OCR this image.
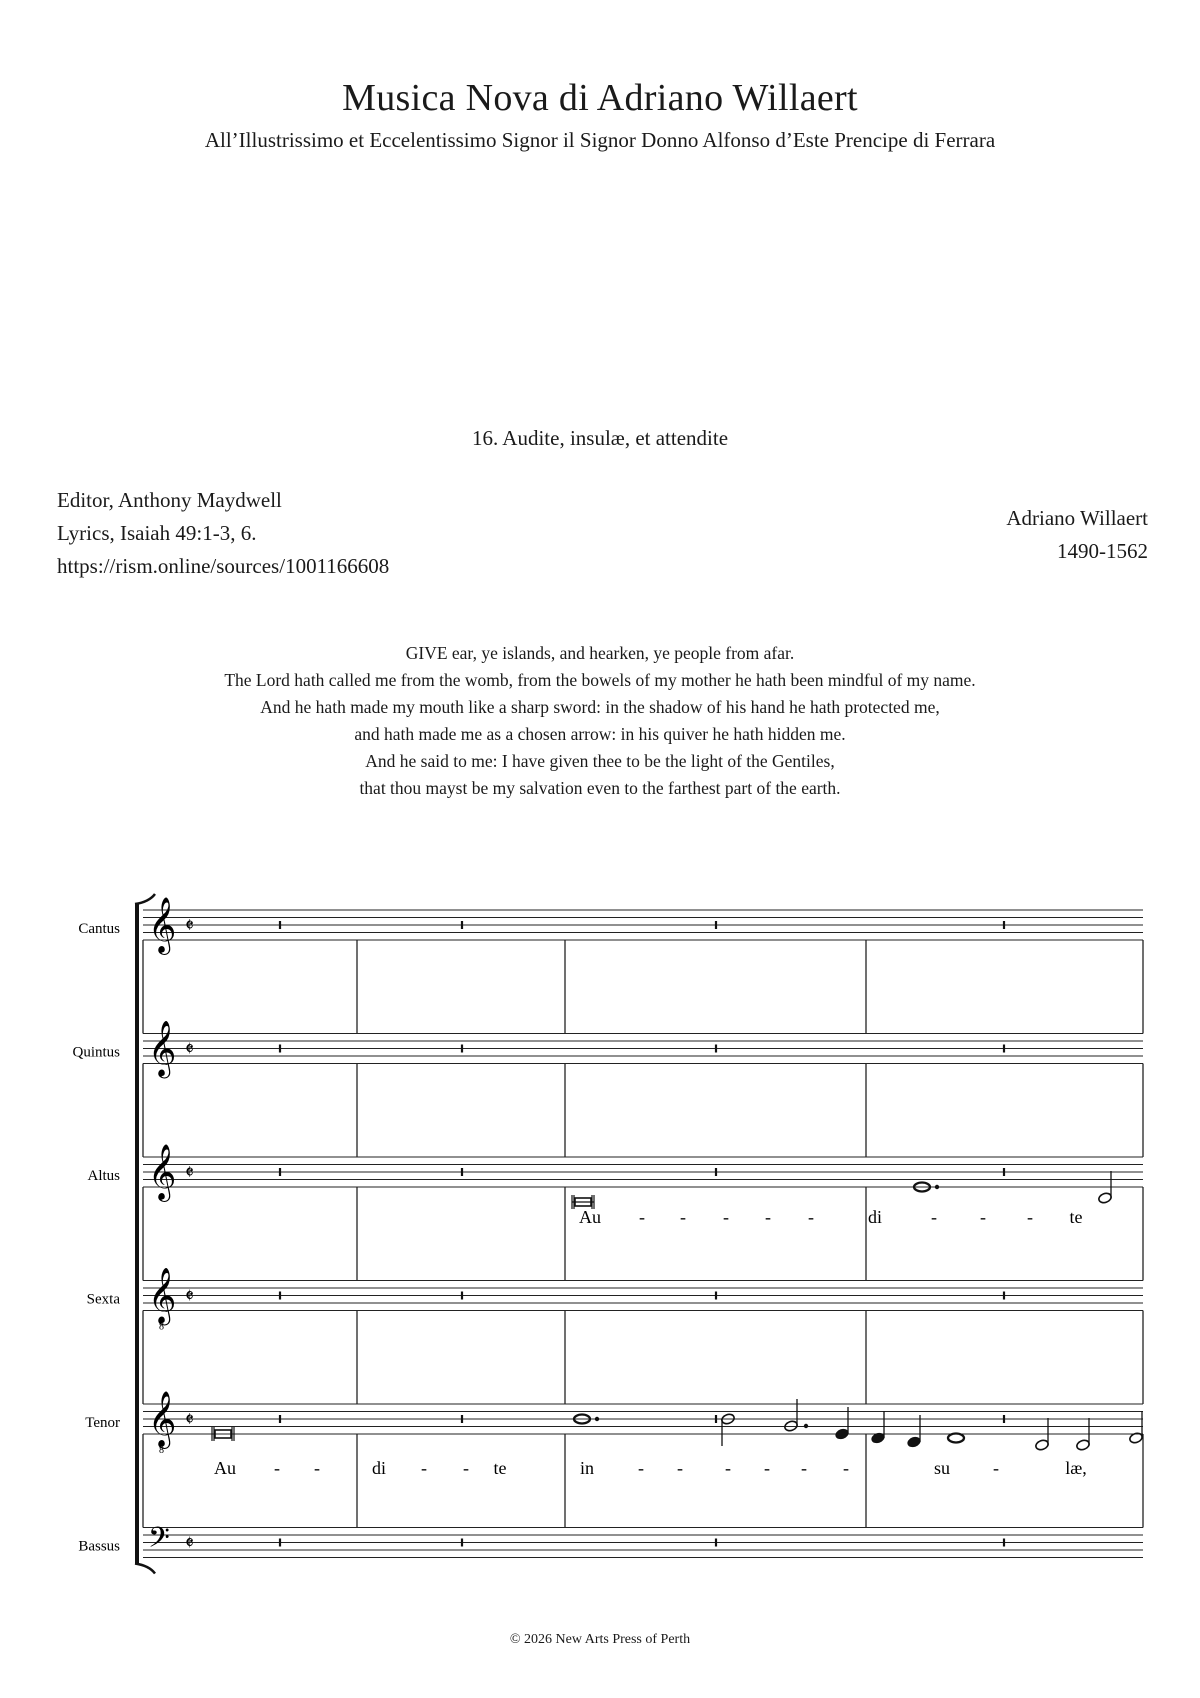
Musica Nova di Adriano Willaert
All’Illustrissimo et Eccelentissimo Signor il Signor Donno Alfonso d’Este Prencipe di Ferrara
16. Audite, insulæ, et attendite
Editor, Anthony Maydwell
Lyrics, Isaiah 49:1-3, 6.
https://rism.online/sources/1001166608
Adriano Willaert
1490-1562
GIVE ear, ye islands, and hearken, ye people from afar.
The Lord hath called me from the womb, from the bowels of my mother he hath been mindful of my name.
And he hath made my mouth like a sharp sword: in the shadow of his hand he hath protected me,
and hath made me as a chosen arrow: in his quiver he hath hidden me.
And he said to me: I have given thee to be the light of the Gentiles,
that thou mayst be my salvation even to the farthest part of the earth.
Cantus 𝄞 𝄵
Quintus 𝄞 𝄵
Altus 𝄞 𝄵
Sexta 𝄞
8
𝄵
Tenor 𝄞
8
𝄵
Bassus 𝄢 𝄵
Au - - - - -	di	- - - te
Au - -	di - - te	in - - - - - -	su -	læ,
© 2026 New Arts Press of Perth
